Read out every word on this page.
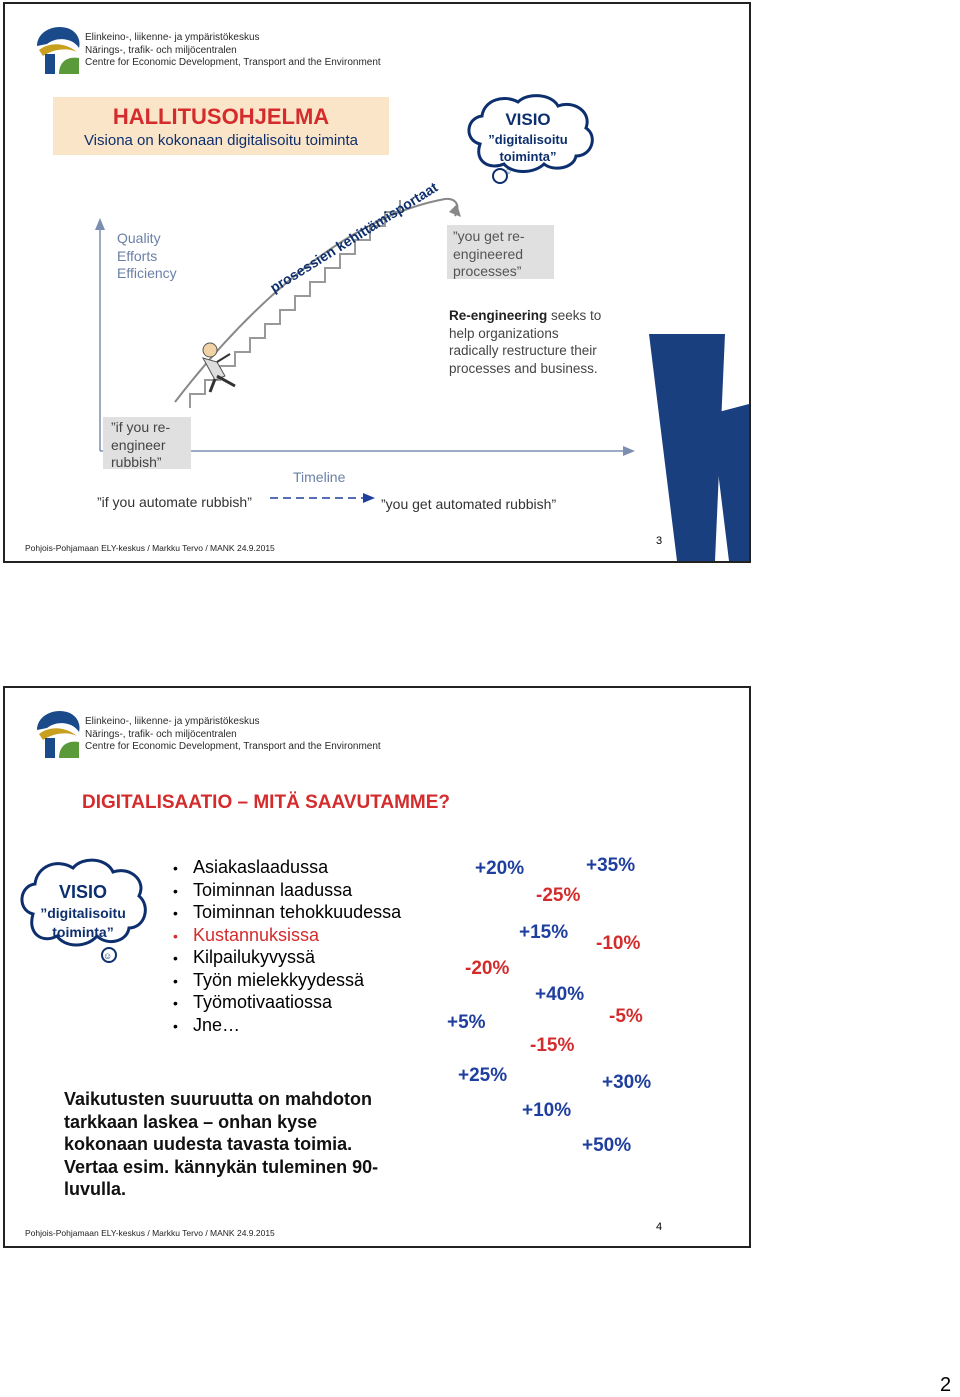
Elinkeino-, liikenne- ja ympäristökeskus
Närings-, trafik- och miljöcentralen
Centre for Economic Development, Transport and the Environment
HALLITUSOHJELMA
Visiona on kokonaan digitalisoitu toiminta
☺
VISIO
”digitalisoitu
toiminta”
prosessien kehittämisportaat
Quality
Efforts
Efficiency
”you get re-engineered processes”
Re-engineering seeks to help organizations radically restructure their processes and business.
”if you re-engineer rubbish”
Timeline
”if you automate rubbish”	”you get automated rubbish”
Pohjois-Pohjamaan ELY-keskus / Markku Tervo / MANK 24.9.2015
3
Elinkeino-, liikenne- ja ympäristökeskus
Närings-, trafik- och miljöcentralen
Centre for Economic Development, Transport and the Environment
DIGITALISAATIO – MITÄ SAAVUTAMME?
☺
VISIO
”digitalisoitu
toiminta”
• Asiakaslaadussa
• Toiminnan laadussa
• Toiminnan tehokkuudessa
• Kustannuksissa
• Kilpailukyvyssä
• Työn mielekkyydessä
• Työmotivaatiossa
• Jne…
+20%	+35%
-25%
+15%
-10%
-20%
+40%
-5%
+5%
-15%
+25%	+30%
+10%
+50%
Vaikutusten suuruutta on mahdoton tarkkaan laskea – onhan kyse kokonaan uudesta tavasta toimia. Vertaa esim. kännykän tuleminen 90-luvulla.
Pohjois-Pohjamaan ELY-keskus / Markku Tervo / MANK 24.9.2015	4
2
